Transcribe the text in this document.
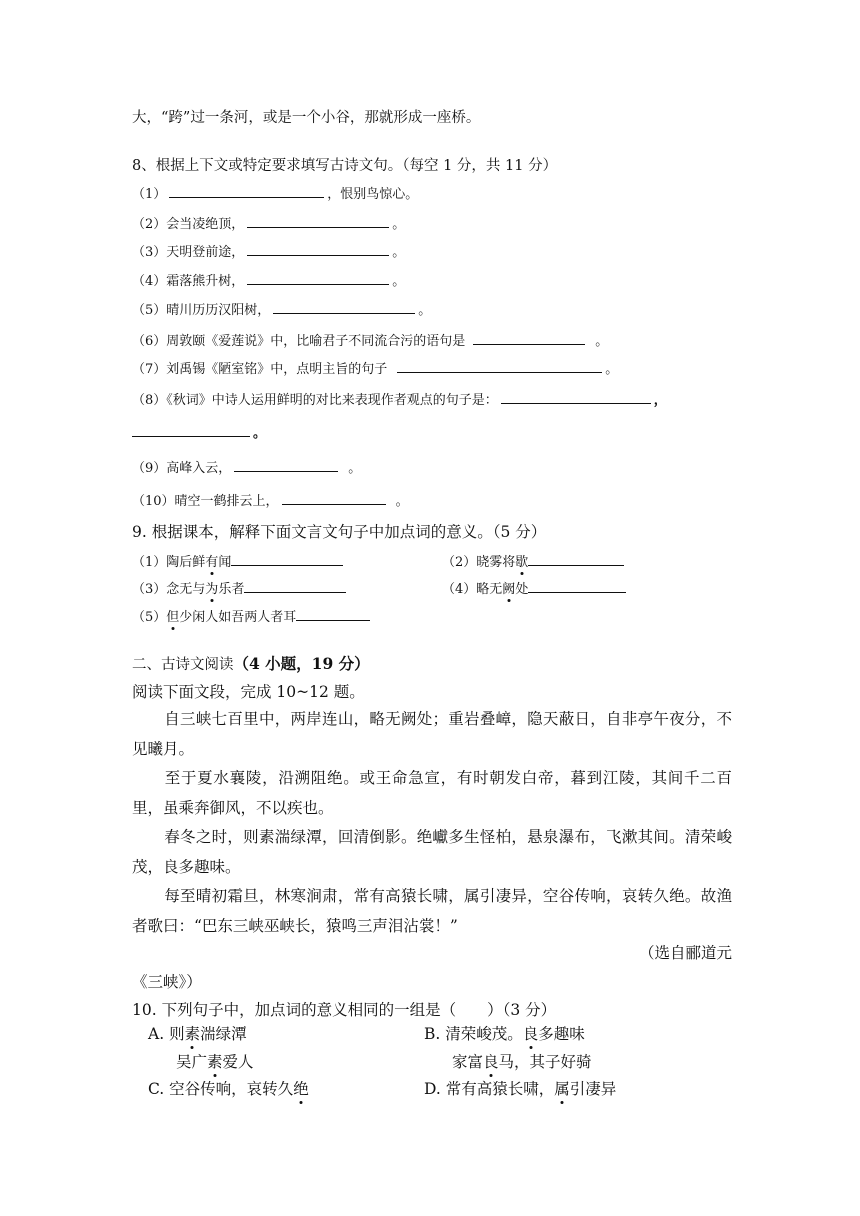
大，“跨”过一条河，或是一个小谷，那就形成一座桥。
8、根据上下文或特定要求填写古诗文句。（每空 1 分，共 11 分）
（1）	，恨别鸟惊心。
（2）会当凌绝顶，	。
（3）天明登前途，	。
（4）霜落熊升树，	。
（5）晴川历历汉阳树，	。
（6）周敦颐《爱莲说》中，比喻君子不同流合污的语句是	。
（7）刘禹锡《陋室铭》中，点明主旨的句子	。
（8）《秋词》中诗人运用鲜明的对比来表现作者观点的句子是：	，
。
（9）高峰入云，	。
（10）晴空一鹤排云上，	。
9. 根据课本，解释下面文言文句子中加点词的意义。（5 分）
（1）陶后鲜有闻	（2）晓雾将歇
（3）念无与为乐者	（4）略无阙处
（5）但少闲人如吾两人者耳
二、古诗文阅读（4 小题，19 分）
阅读下面文段，完成 10~12 题。
自三峡七百里中，两岸连山，略无阙处；重岩叠嶂，隐天蔽日，自非亭午夜分，不见曦月。
至于夏水襄陵，沿溯阻绝。或王命急宣，有时朝发白帝，暮到江陵，其间千二百里，虽乘奔御风，不以疾也。
春冬之时，则素湍绿潭，回清倒影。绝巘多生怪柏，悬泉瀑布，飞漱其间。清荣峻茂，良多趣味。
每至晴初霜旦，林寒涧肃，常有高猿长啸，属引凄异，空谷传响，哀转久绝。故渔者歌曰：“巴东三峡巫峡长，猿鸣三声泪沾裳！”
（选自郦道元
《三峡》）
10. 下列句子中，加点词的意义相同的一组是（　　）（3 分）
A. 则素湍绿潭	B. 清荣峻茂。良多趣味
吴广素爱人	家富良马，其子好骑
C. 空谷传响，哀转久绝	D. 常有高猿长啸，属引凄异
